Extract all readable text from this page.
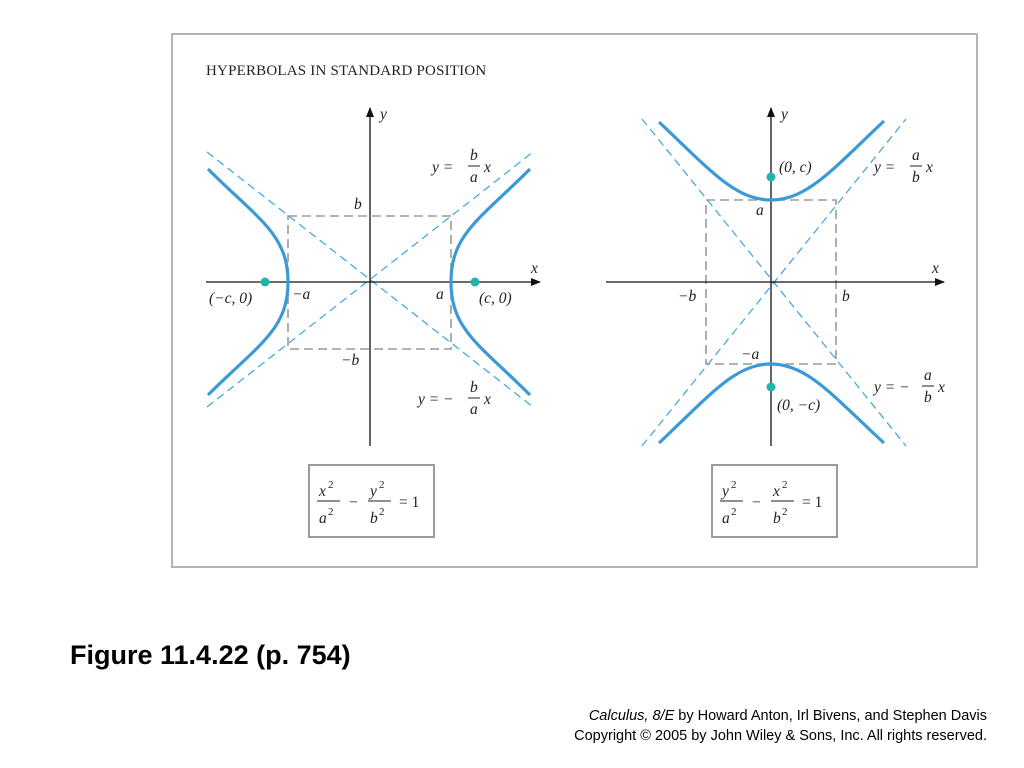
HYPERBOLAS IN STANDARD POSITION
y
x
b
−b
a
−a
(−c, 0)	(c, 0)
y =
b
a
x
y = −
b
a
x
x 2
a 2
−
y 2
b 2
= 1
y
x
a
−a
b
−b
(0, c)
(0, −c)
y =
a
b
x
y = −
a
b
x
y 2
a 2
−
x 2
b 2
= 1
Figure 11.4.22 (p. 754)
Calculus, 8/E by Howard Anton, Irl Bivens, and Stephen Davis
Copyright © 2005 by John Wiley & Sons, Inc. All rights reserved.
